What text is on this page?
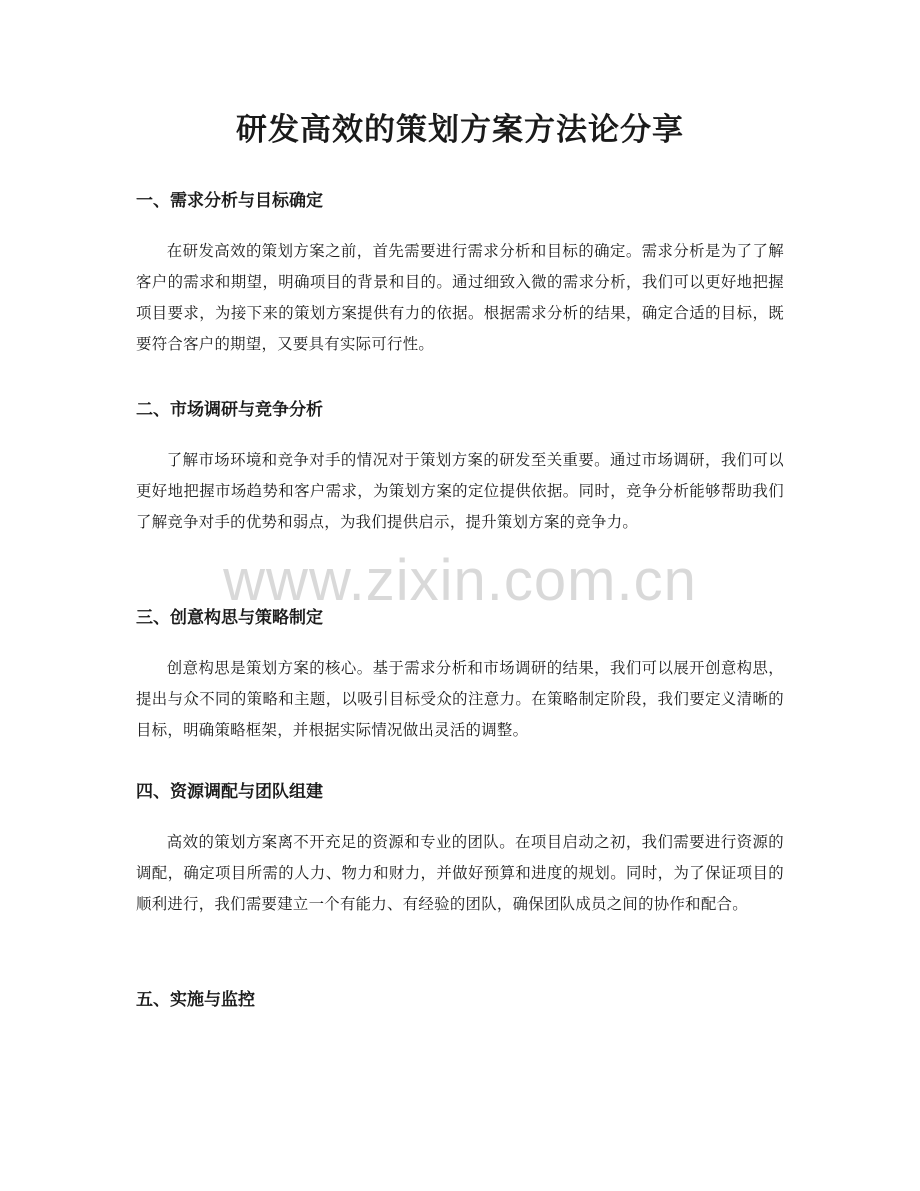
研发高效的策划方案方法论分享
一、需求分析与目标确定

在研发高效的策划方案之前，首先需要进行需求分析和目标的确定。需求分析是为了了解客户的需求和期望，明确项目的背景和目的。通过细致入微的需求分析，我们可以更好地把握项目要求，为接下来的策划方案提供有力的依据。根据需求分析的结果，确定合适的目标，既要符合客户的期望，又要具有实际可行性。

二、市场调研与竞争分析

了解市场环境和竞争对手的情况对于策划方案的研发至关重要。通过市场调研，我们可以更好地把握市场趋势和客户需求，为策划方案的定位提供依据。同时，竞争分析能够帮助我们了解竞争对手的优势和弱点，为我们提供启示，提升策划方案的竞争力。

三、创意构思与策略制定

创意构思是策划方案的核心。基于需求分析和市场调研的结果，我们可以展开创意构思，提出与众不同的策略和主题，以吸引目标受众的注意力。在策略制定阶段，我们要定义清晰的目标，明确策略框架，并根据实际情况做出灵活的调整。

四、资源调配与团队组建

高效的策划方案离不开充足的资源和专业的团队。在项目启动之初，我们需要进行资源的调配，确定项目所需的人力、物力和财力，并做好预算和进度的规划。同时，为了保证项目的顺利进行，我们需要建立一个有能力、有经验的团队，确保团队成员之间的协作和配合。

五、实施与监控
www.zixin.com.cn
